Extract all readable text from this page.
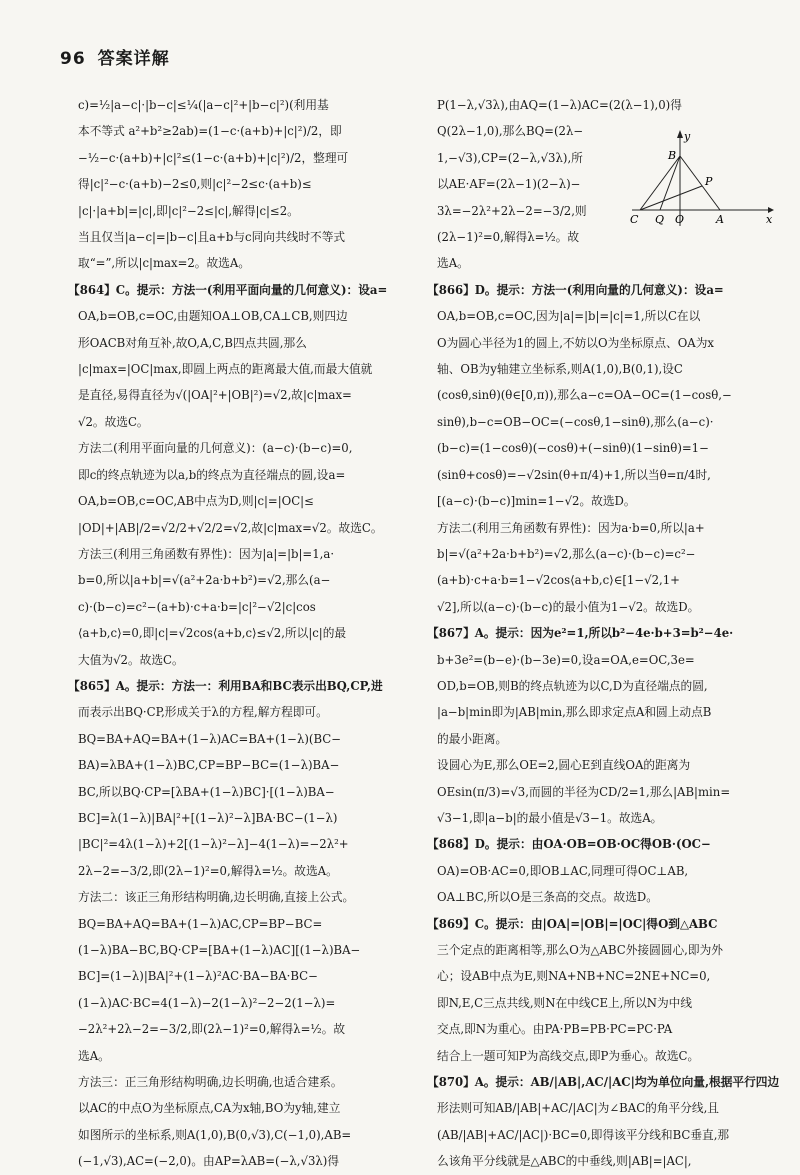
96 答案详解

c)=½|a−c|·|b−c|≤¼(|a−c|²+|b−c|²)(利用基

本不等式 a²+b²≥2ab)=(1−c·(a+b)+|c|²)/2，即

−½−c·(a+b)+|c|²≤(1−c·(a+b)+|c|²)/2，整理可

得|c|²−c·(a+b)−2≤0,则|c|²−2≤c·(a+b)≤

|c|·|a+b|=|c|,即|c|²−2≤|c|,解得|c|≤2。

当且仅当|a−c|=|b−c|且a+b与c同向共线时不等式

取“=”,所以|c|max=2。故选A。

【864】C。提示：方法一(利用平面向量的几何意义)：设a=

OA,b=OB,c=OC,由题知OA⊥OB,CA⊥CB,则四边

形OACB对角互补,故O,A,C,B四点共圆,那么

|c|max=|OC|max,即圆上两点的距离最大值,而最大值就

是直径,易得直径为√(|OA|²+|OB|²)=√2,故|c|max=

√2。故选C。

方法二(利用平面向量的几何意义)：(a−c)·(b−c)=0,

即c的终点轨迹为以a,b的终点为直径端点的圆,设a=

OA,b=OB,c=OC,AB中点为D,则|c|=|OC|≤

|OD|+|AB|/2=√2/2+√2/2=√2,故|c|max=√2。故选C。

方法三(利用三角函数有界性)：因为|a|=|b|=1,a·

b=0,所以|a+b|=√(a²+2a·b+b²)=√2,那么(a−

c)·(b−c)=c²−(a+b)·c+a·b=|c|²−√2|c|cos

⟨a+b,c⟩=0,即|c|=√2cos⟨a+b,c⟩≤√2,所以|c|的最

大值为√2。故选C。

【865】A。提示：方法一：利用BA和BC表示出BQ,CP,进

而表示出BQ·CP,形成关于λ的方程,解方程即可。

BQ=BA+AQ=BA+(1−λ)AC=BA+(1−λ)(BC−

BA)=λBA+(1−λ)BC,CP=BP−BC=(1−λ)BA−

BC,所以BQ·CP=[λBA+(1−λ)BC]·[(1−λ)BA−

BC]=λ(1−λ)|BA|²+[(1−λ)²−λ]BA·BC−(1−λ)

|BC|²=4λ(1−λ)+2[(1−λ)²−λ]−4(1−λ)=−2λ²+

2λ−2=−3/2,即(2λ−1)²=0,解得λ=½。故选A。

方法二：该正三角形结构明确,边长明确,直接上公式。

BQ=BA+AQ=BA+(1−λ)AC,CP=BP−BC=

(1−λ)BA−BC,BQ·CP=[BA+(1−λ)AC][(1−λ)BA−

BC]=(1−λ)|BA|²+(1−λ)²AC·BA−BA·BC−

(1−λ)AC·BC=4(1−λ)−2(1−λ)²−2−2(1−λ)=

−2λ²+2λ−2=−3/2,即(2λ−1)²=0,解得λ=½。故

选A。

方法三：正三角形结构明确,边长明确,也适合建系。

以AC的中点O为坐标原点,CA为x轴,BO为y轴,建立

如图所示的坐标系,则A(1,0),B(0,√3),C(−1,0),AB=

(−1,√3),AC=(−2,0)。由AP=λAB=(−λ,√3λ)得

P(1−λ,√3λ),由AQ=(1−λ)AC=(2(λ−1),0)得

Q(2λ−1,0),那么BQ=(2λ−

1,−√3),CP=(2−λ,√3λ),所

以AE·AF=(2λ−1)(2−λ)−

3λ=−2λ²+2λ−2=−3/2,则

(2λ−1)²=0,解得λ=½。故

选A。

【866】D。提示：方法一(利用向量的几何意义)：设a=

OA,b=OB,c=OC,因为|a|=|b|=|c|=1,所以C在以

O为圆心半径为1的圆上,不妨以O为坐标原点、OA为x

轴、OB为y轴建立坐标系,则A(1,0),B(0,1),设C

(cosθ,sinθ)(θ∈[0,π)),那么a−c=OA−OC=(1−cosθ,−

sinθ),b−c=OB−OC=(−cosθ,1−sinθ),那么(a−c)·

(b−c)=(1−cosθ)(−cosθ)+(−sinθ)(1−sinθ)=1−

(sinθ+cosθ)=−√2sin(θ+π/4)+1,所以当θ=π/4时,

[(a−c)·(b−c)]min=1−√2。故选D。

方法二(利用三角函数有界性)：因为a·b=0,所以|a+

b|=√(a²+2a·b+b²)=√2,那么(a−c)·(b−c)=c²−

(a+b)·c+a·b=1−√2cos⟨a+b,c⟩∈[1−√2,1+

√2],所以(a−c)·(b−c)的最小值为1−√2。故选D。

【867】A。提示：因为e²=1,所以b²−4e·b+3=b²−4e·

b+3e²=(b−e)·(b−3e)=0,设a=OA,e=OC,3e=

OD,b=OB,则B的终点轨迹为以C,D为直径端点的圆,

|a−b|min即为|AB|min,那么即求定点A和圆上动点B

的最小距离。

设圆心为E,那么OE=2,圆心E到直线OA的距离为

OEsin(π/3)=√3,而圆的半径为CD/2=1,那么|AB|min=

√3−1,即|a−b|的最小值是√3−1。故选A。

【868】D。提示：由OA·OB=OB·OC得OB·(OC−

OA)=OB·AC=0,即OB⊥AC,同理可得OC⊥AB,

OA⊥BC,所以O是三条高的交点。故选D。

【869】C。提示：由|OA|=|OB|=|OC|得O到△ABC

三个定点的距离相等,那么O为△ABC外接圆圆心,即为外

心；设AB中点为E,则NA+NB+NC=2NE+NC=0,

即N,E,C三点共线,则N在中线CE上,所以N为中线

交点,即N为重心。由PA·PB=PB·PC=PC·PA

结合上一题可知P为高线交点,即P为垂心。故选C。

【870】A。提示：AB/|AB|,AC/|AC|均为单位向量,根据平行四边

形法则可知AB/|AB|+AC/|AC|为∠BAC的角平分线,且

(AB/|AB|+AC/|AC|)·BC=0,即得该平分线和BC垂直,那

么该角平分线就是△ABC的中垂线,则|AB|=|AC|,

y
x
B
P
C Q O	A
